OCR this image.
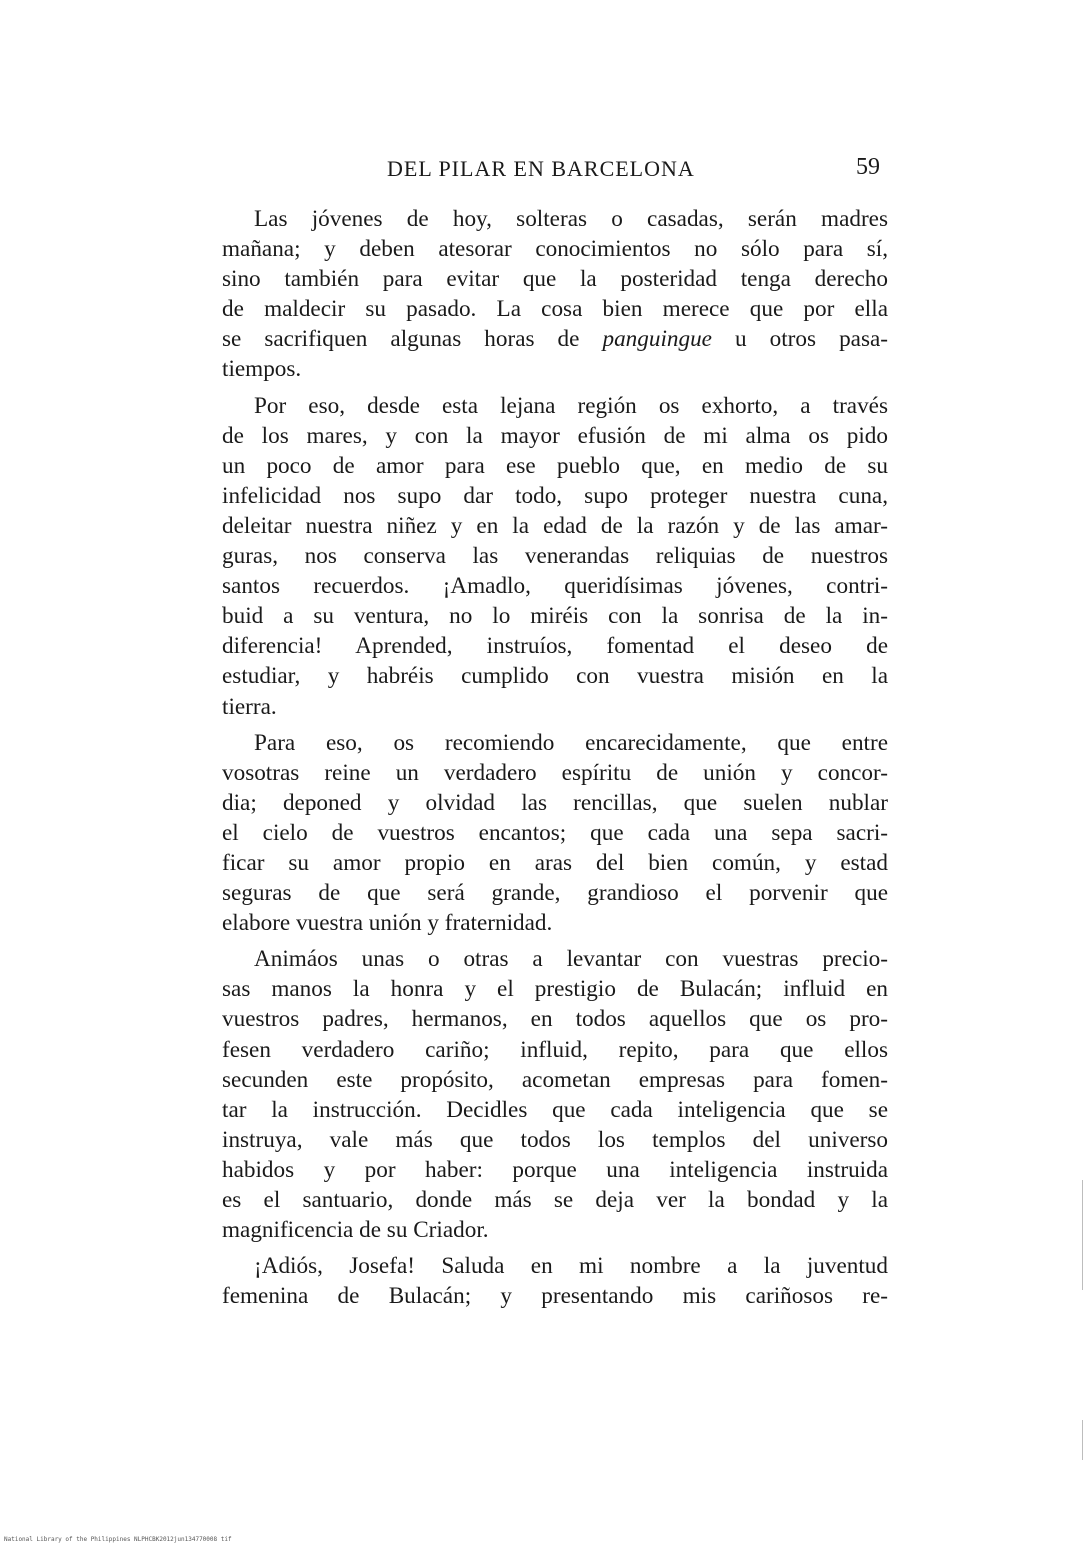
DEL PILAR EN BARCELONA	59

Las jóvenes de hoy, solteras o casadas, serán madres
mañana; y deben atesorar conocimientos no sólo para sí,
sino también para evitar que la posteridad tenga derecho
de maldecir su pasado. La cosa bien merece que por ella
se sacrifiquen algunas horas de panguingue u otros pasa-
tiempos.

Por eso, desde esta lejana región os exhorto, a través
de los mares, y con la mayor efusión de mi alma os pido
un poco de amor para ese pueblo que, en medio de su
infelicidad nos supo dar todo, supo proteger nuestra cuna,
deleitar nuestra niñez y en la edad de la razón y de las amar-
guras, nos conserva las venerandas reliquias de nuestros
santos recuerdos. ¡Amadlo, queridísimas jóvenes, contri-
buid a su ventura, no lo miréis con la sonrisa de la in-
diferencia! Aprended, instruíos, fomentad el deseo de
estudiar, y habréis cumplido con vuestra misión en la
tierra.

Para eso, os recomiendo encarecidamente, que entre
vosotras reine un verdadero espíritu de unión y concor-
dia; deponed y olvidad las rencillas, que suelen nublar
el cielo de vuestros encantos; que cada una sepa sacri-
ficar su amor propio en aras del bien común, y estad
seguras de que será grande, grandioso el porvenir que
elabore vuestra unión y fraternidad.

Animáos unas o otras a levantar con vuestras precio-
sas manos la honra y el prestigio de Bulacán; influid en
vuestros padres, hermanos, en todos aquellos que os pro-
fesen verdadero cariño; influid, repito, para que ellos
secunden este propósito, acometan empresas para fomen-
tar la instrucción. Decidles que cada inteligencia que se
instruya, vale más que todos los templos del universo
habidos y por haber: porque una inteligencia instruida
es el santuario, donde más se deja ver la bondad y la
magnificencia de su Criador.

¡Adiós, Josefa! Saluda en mi nombre a la juventud
femenina de Bulacán; y presentando mis cariñosos re-

National Library of the Philippines NLPHCBK2012jun134770008 tif
